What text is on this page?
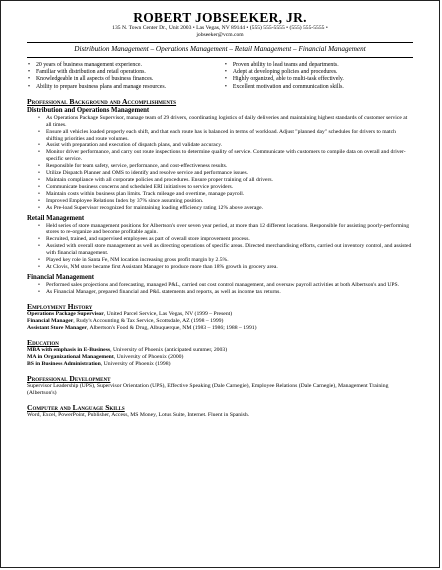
ROBERT JOBSEEKER, JR.
135 N. Town Center Dr., Unit 2003 • Las Vegas, NV 89144 • (555) 555-5555 • (555) 555-5555 •
jobseeker@vcm.com
Distribution Management – Operations Management – Retail Management – Financial Management
• 20 years of business management experience.
• Familiar with distribution and retail operations.
• Knowledgeable in all aspects of business finances.
• Ability to prepare business plans and manage resources.
• Proven ability to lead teams and departments.
• Adept at developing policies and procedures.
• Highly organized, able to multi-task effectively.
• Excellent motivation and communication skills.
Professional Background and Accomplishments
Distribution and Operations Management
• As Operations Package Supervisor, manage team of 29 drivers, coordinating logistics of daily deliveries and maintaining highest standards of customer service at all times.
• Ensure all vehicles loaded properly each shift, and that each route has is balanced in terms of workload. Adjust "planned day" schedules for drivers to match shifting priorities and route volumes.
• Assist with preparation and execution of dispatch plans, and validate accuracy.
• Monitor driver performance, and carry out route inspections to determine quality of service. Communicate with customers to compile data on overall and driver-specific service.
• Responsible for team safety, service, performance, and cost-effectiveness results.
• Utilize Dispatch Planner and OMS to identify and resolve service and performance issues.
• Maintain compliance with all corporate policies and procedures. Ensure proper training of all drivers.
• Communicate business concerns and scheduled ERI initiatives to service providers.
• Maintain costs within business plan limits. Track mileage and overtime, manage payroll.
• Improved Employee Relations Index by 37% since assuming position.
• As Pre-load Supervisor recognized for maintaining loading efficiency rating 12% above average.
Retail Management
• Held series of store management positions for Albertson's over seven year period, at more than 12 different locations. Responsible for assisting poorly-performing stores to re-organize and become profitable again.
• Recruited, trained, and supervised employees as part of overall store improvement process.
• Assisted with overall store management as well as directing operations of specific areas. Directed merchandising efforts, carried out inventory control, and assisted with financial management.
• Played key role in Santa Fe, NM location increasing gross profit margin by 2.5%.
• At Clovis, NM store became first Assistant Manager to produce more than 18% growth in grocery area.
Financial Management
• Performed sales projections and forecasting, managed P&L, carried out cost control management, and oversaw payroll activities at both Albertson's and UPS.
• As Financial Manager, prepared financial and P&L statements and reports, as well as income tax returns.
Employment History
Operations Package Supervisor, United Parcel Service, Las Vegas, NV (1999 – Present)
Financial Manager, Rudy's Accounting & Tax Service, Scottsdale, AZ (1998 – 1999)
Assistant Store Manager, Albertson's Food & Drug, Albuquerque, NM (1983 – 1986; 1988 – 1991)
Education
MBA with emphasis in E-Business, University of Phoenix (anticipated summer, 2003)
MA in Organizational Management, University of Phoenix (2000)
BS in Business Administration, University of Phoenix (1998)
Professional Development
Supervisor Leadership (UPS), Supervisor Orientation (UPS), Effective Speaking (Dale Carnegie), Employee Relations (Dale Carnegie), Management Training (Albertson's)
Computer and Language Skills
Word, Excel, PowerPoint, Publisher, Access, MS Money, Lotus Suite, Internet. Fluent in Spanish.
